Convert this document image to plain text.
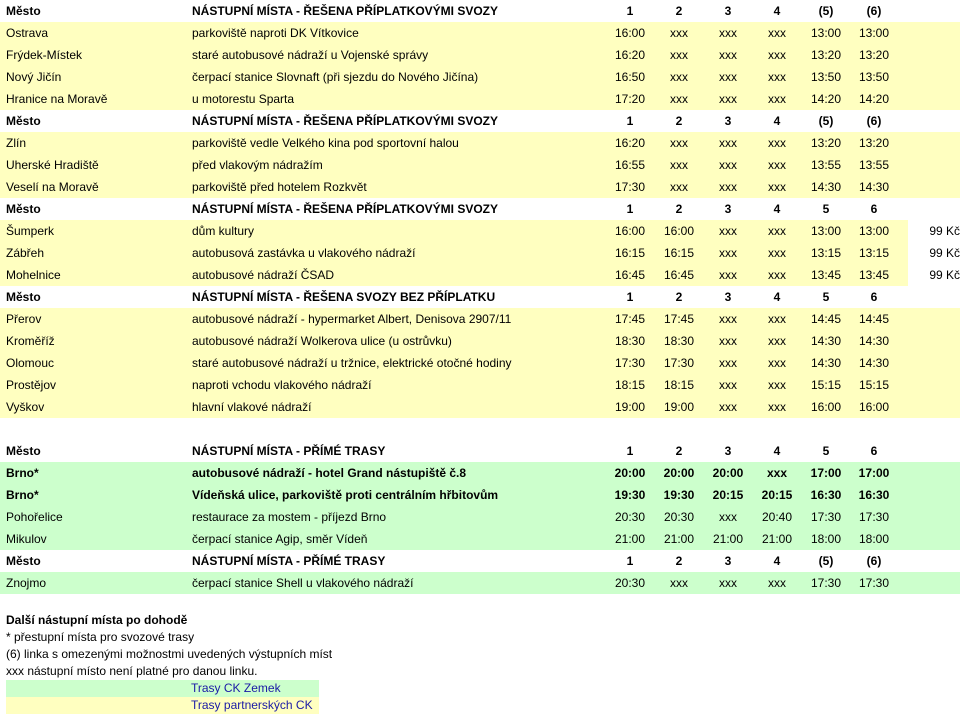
Město	NÁSTUPNÍ MÍSTA - ŘEŠENA PŘÍPLATKOVÝMI SVOZY	1	2	3	4	(5)	(6)
Ostrava	parkoviště naproti DK Vítkovice	16:00	xxx	xxx	xxx	13:00	13:00
Frýdek-Místek	staré autobusové nádraží u Vojenské správy	16:20	xxx	xxx	xxx	13:20	13:20
Nový Jičín	čerpací stanice Slovnaft (při sjezdu do Nového Jičína)	16:50	xxx	xxx	xxx	13:50	13:50
Hranice na Moravě	u motorestu Sparta	17:20	xxx	xxx	xxx	14:20	14:20
Město	NÁSTUPNÍ MÍSTA - ŘEŠENA PŘÍPLATKOVÝMI SVOZY	1	2	3	4	(5)	(6)
Zlín	parkoviště vedle Velkého kina pod sportovní halou	16:20	xxx	xxx	xxx	13:20	13:20
Uherské Hradiště	před vlakovým nádražím	16:55	xxx	xxx	xxx	13:55	13:55
Veselí na Moravě	parkoviště před hotelem Rozkvět	17:30	xxx	xxx	xxx	14:30	14:30
Město	NÁSTUPNÍ MÍSTA - ŘEŠENA PŘÍPLATKOVÝMI SVOZY	1	2	3	4	5	6
Šumperk	dům kultury	16:00	16:00	xxx	xxx	13:00	13:00	99 Kč
Zábřeh	autobusová zastávka u vlakového nádraží	16:15	16:15	xxx	xxx	13:15	13:15	99 Kč
Mohelnice	autobusové nádraží ČSAD	16:45	16:45	xxx	xxx	13:45	13:45	99 Kč
Město	NÁSTUPNÍ MÍSTA - ŘEŠENA SVOZY BEZ PŘÍPLATKU	1	2	3	4	5	6
Přerov	autobusové nádraží - hypermarket Albert, Denisova 2907/11	17:45	17:45	xxx	xxx	14:45	14:45
Kroměříž	autobusové nádraží Wolkerova ulice (u ostrůvku)	18:30	18:30	xxx	xxx	14:30	14:30
Olomouc	staré autobusové nádraží u tržnice, elektrické otočné hodiny	17:30	17:30	xxx	xxx	14:30	14:30
Prostějov	naproti vchodu vlakového nádraží	18:15	18:15	xxx	xxx	15:15	15:15
Vyškov	hlavní vlakové nádraží	19:00	19:00	xxx	xxx	16:00	16:00
Město	NÁSTUPNÍ MÍSTA - PŘÍMÉ TRASY	1	2	3	4	5	6
Brno*	autobusové nádraží - hotel Grand nástupiště č.8	20:00	20:00	20:00	xxx	17:00	17:00
Brno*	Vídeňská ulice, parkoviště proti centrálním hřbitovům	19:30	19:30	20:15	20:15	16:30	16:30
Pohořelice	restaurace za mostem - příjezd Brno	20:30	20:30	xxx	20:40	17:30	17:30
Mikulov	čerpací stanice Agip, směr Vídeň	21:00	21:00	21:00	21:00	18:00	18:00
Město	NÁSTUPNÍ MÍSTA - PŘÍMÉ TRASY	1	2	3	4	(5)	(6)
Znojmo	čerpací stanice Shell u vlakového nádraží	20:30	xxx	xxx	xxx	17:30	17:30
Další nástupní místa po dohodě
* přestupní místa pro svozové trasy
(6) linka s omezenými možnostmi uvedených výstupních míst
xxx nástupní místo není platné pro danou linku.
Trasy CK Zemek
Trasy partnerských CK
